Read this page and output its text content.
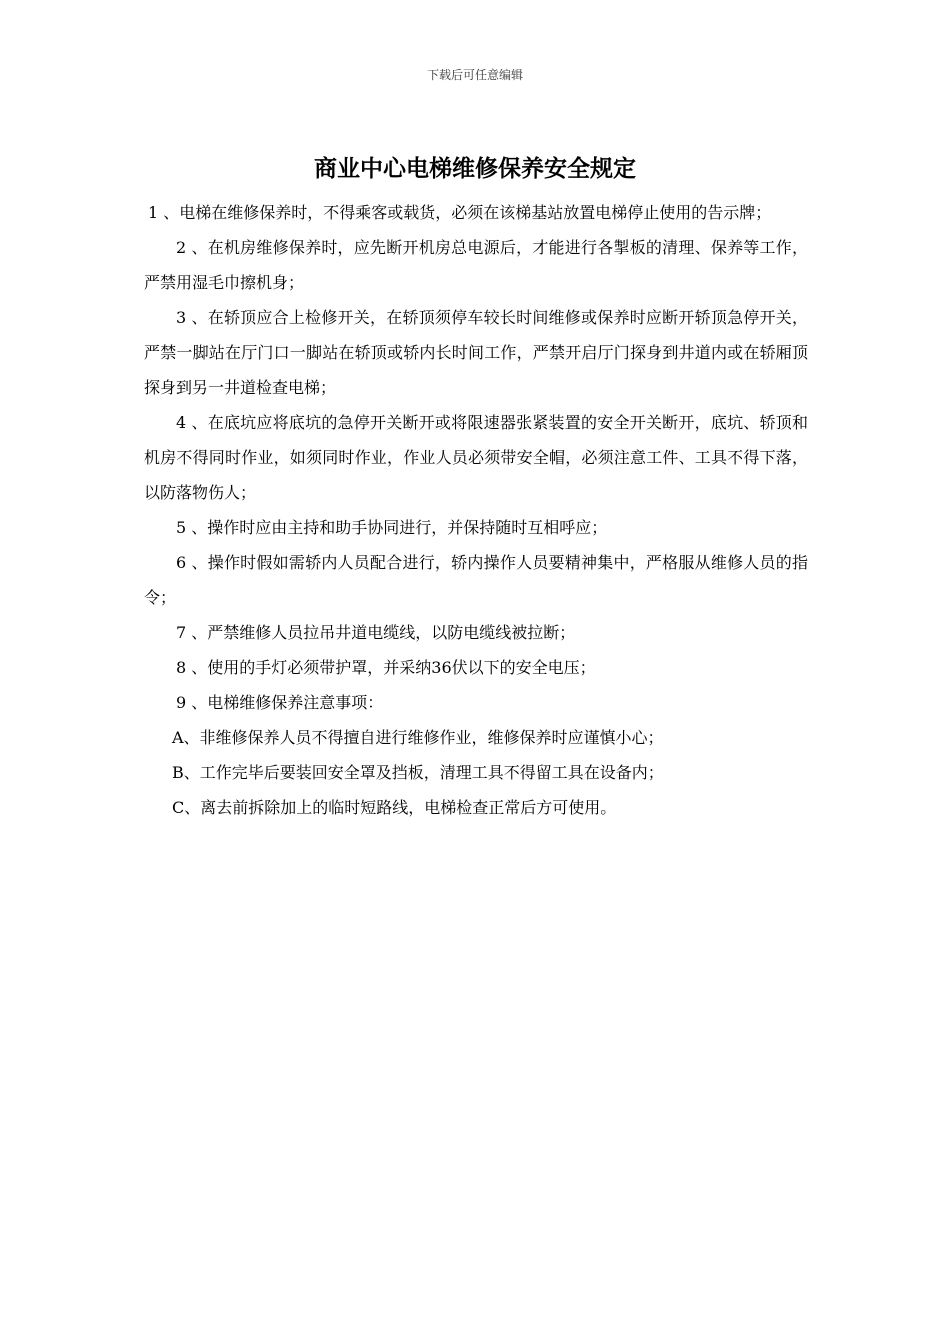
下载后可任意编辑
商业中心电梯维修保养安全规定

1 、电梯在维修保养时，不得乘客或载货，必须在该梯基站放置电梯停止使用的告示牌；

2 、在机房维修保养时，应先断开机房总电源后，才能进行各掣板的清理、保养等工作，严禁用湿毛巾擦机身；

3 、在轿顶应合上检修开关，在轿顶须停车较长时间维修或保养时应断开轿顶急停开关，严禁一脚站在厅门口一脚站在轿顶或轿内长时间工作，严禁开启厅门探身到井道内或在轿厢顶探身到另一井道检查电梯；

4 、在底坑应将底坑的急停开关断开或将限速器张紧装置的安全开关断开，底坑、轿顶和机房不得同时作业，如须同时作业，作业人员必须带安全帽，必须注意工件、工具不得下落，以防落物伤人；

5 、操作时应由主持和助手协同进行，并保持随时互相呼应；

6 、操作时假如需轿内人员配合进行，轿内操作人员要精神集中，严格服从维修人员的指令；

7 、严禁维修人员拉吊井道电缆线，以防电缆线被拉断；

8 、使用的手灯必须带护罩，并采纳36伏以下的安全电压；

9 、电梯维修保养注意事项：

A、非维修保养人员不得擅自进行维修作业，维修保养时应谨慎小心；

B、工作完毕后要装回安全罩及挡板，清理工具不得留工具在设备内；

C、离去前拆除加上的临时短路线，电梯检查正常后方可使用。
